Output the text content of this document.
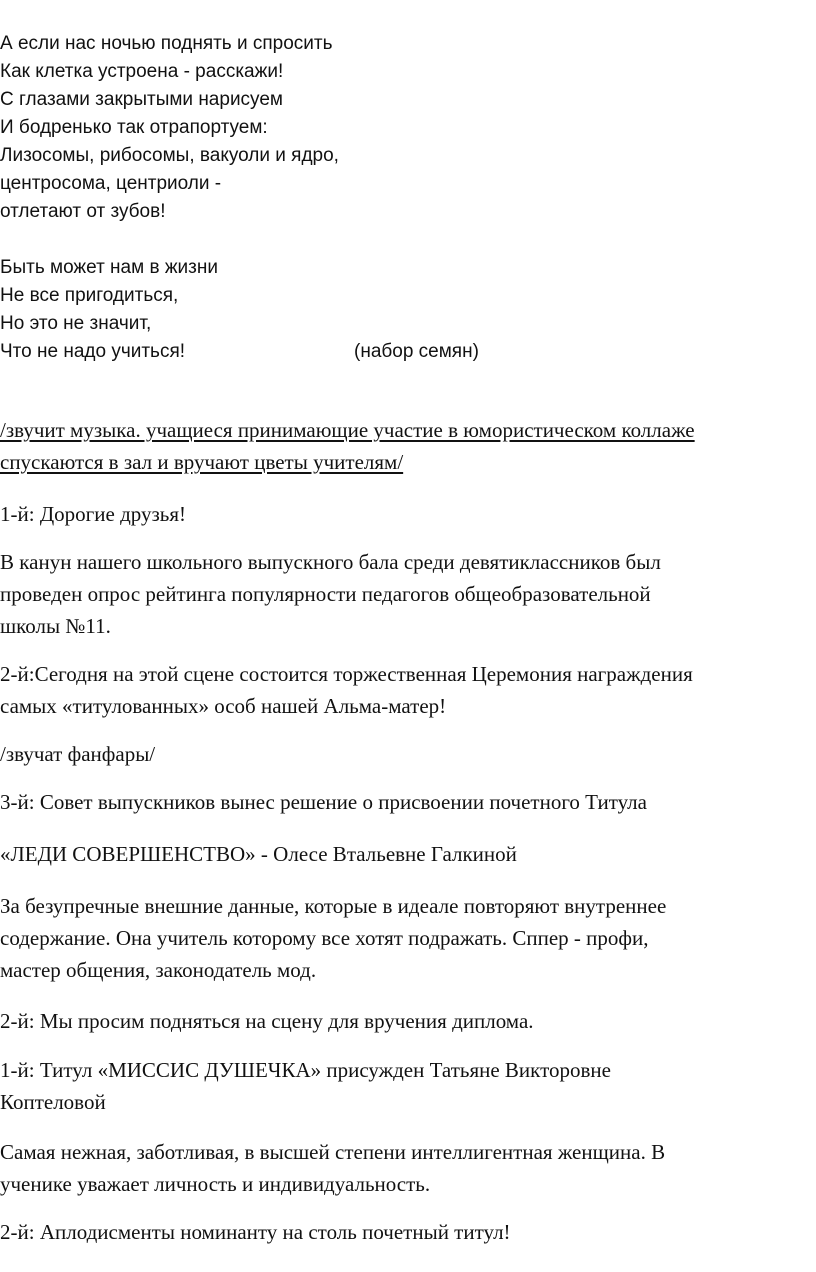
А если нас ночью поднять и спросить
Как клетка устроена - расскажи!
С глазами закрытыми нарисуем
И бодренько так отрапортуем:
Лизосомы, рибосомы, вакуоли и ядро,
центросома, центриоли -
отлетают от зубов!
Быть может нам в жизни
Не все пригодиться,
Но это не значит,
Что не надо учиться!	(набор семян)
/звучит музыка. учащиеся принимающие участие в юмористическом коллаже
спускаются в зал и вручают цветы учителям/
1-й: Дорогие друзья!
В канун нашего школьного выпускного бала среди девятиклассников был
проведен опрос рейтинга популярности педагогов общеобразовательной
школы №11.
2-й:Сегодня на этой сцене состоится торжественная Церемония награждения
самых «титулованных» особ нашей Альма-матер!
/звучат фанфары/
3-й: Совет выпускников вынес решение о присвоении почетного Титула
«ЛЕДИ СОВЕРШЕНСТВО» - Олесе Втальевне Галкиной
За безупречные внешние данные, которые в идеале повторяют внутреннее
содержание. Она учитель которому все хотят подражать. Сппер - профи,
мастер общения, законодатель мод.
2-й: Мы просим подняться на сцену для вручения диплома.
1-й: Титул «МИССИС ДУШЕЧКА» присужден Татьяне Викторовне
Коптеловой
Самая нежная, заботливая, в высшей степени интеллигентная женщина. В
ученике уважает личность и индивидуальность.
2-й: Аплодисменты номинанту на столь почетный титул!
